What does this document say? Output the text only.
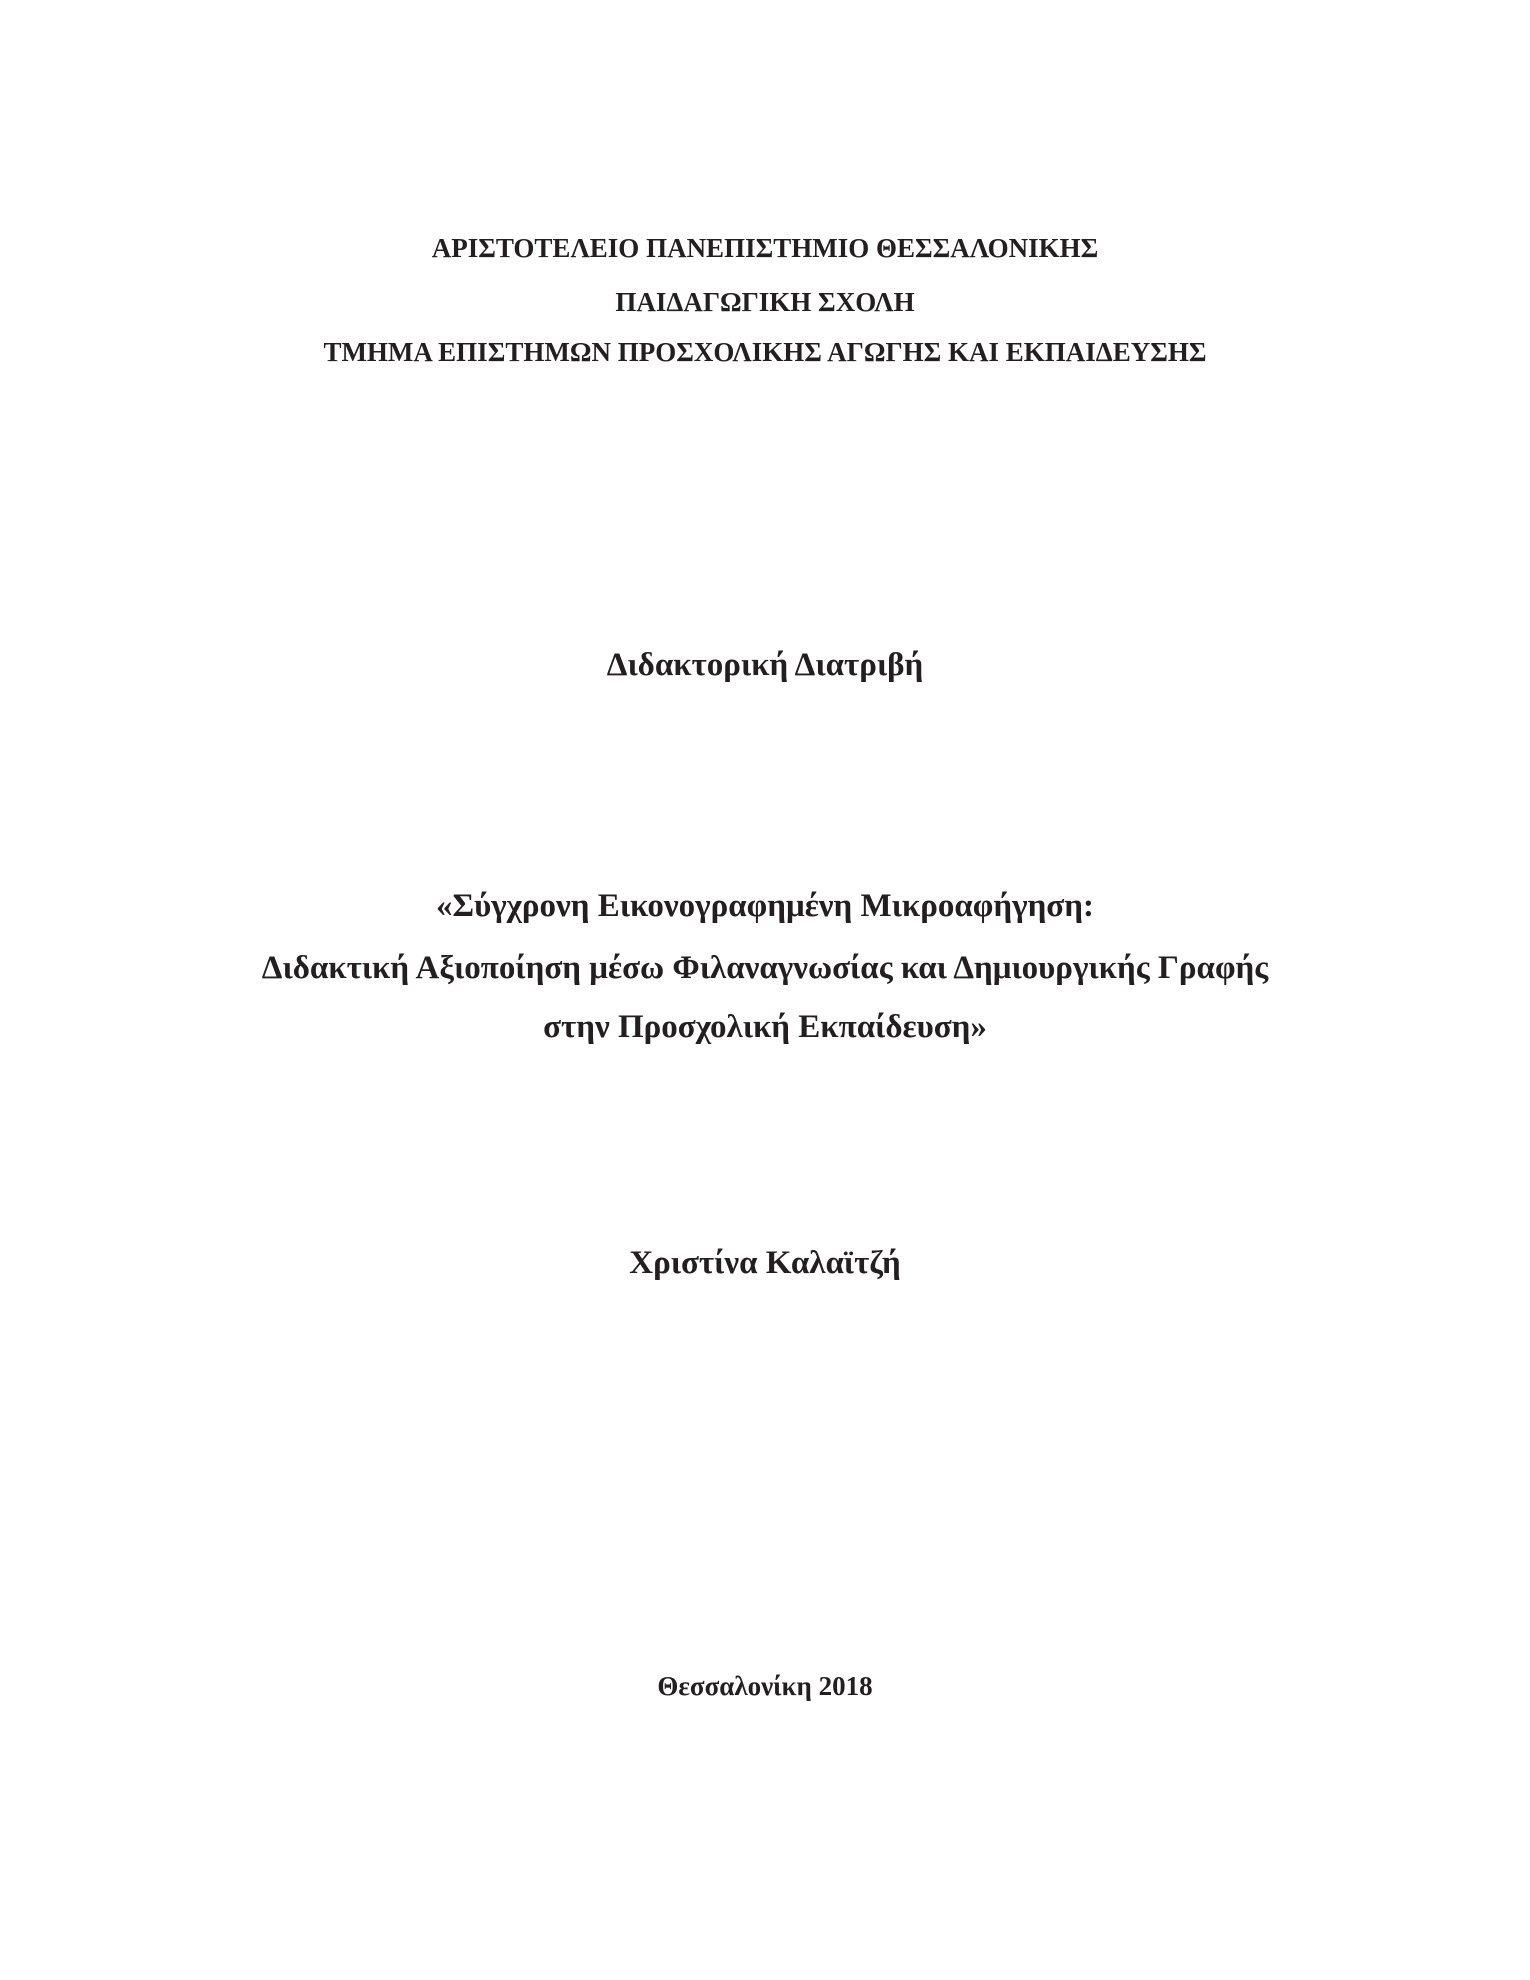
ΑΡΙΣΤΟΤΕΛΕΙΟ ΠΑΝΕΠΙΣΤΗΜΙΟ ΘΕΣΣΑΛΟΝΙΚΗΣ
ΠΑΙΔΑΓΩΓΙΚΗ ΣΧΟΛΗ
ΤΜΗΜΑ ΕΠΙΣΤΗΜΩΝ ΠΡΟΣΧΟΛΙΚΗΣ ΑΓΩΓΗΣ ΚΑΙ ΕΚΠΑΙΔΕΥΣΗΣ
Διδακτορική Διατριβή
«Σύγχρονη Εικονογραφημένη Μικροαφήγηση:
Διδακτική Αξιοποίηση μέσω Φιλαναγνωσίας και Δημιουργικής Γραφής
στην Προσχολική Εκπαίδευση»
Χριστίνα Καλαϊτζή
Θεσσαλονίκη 2018
